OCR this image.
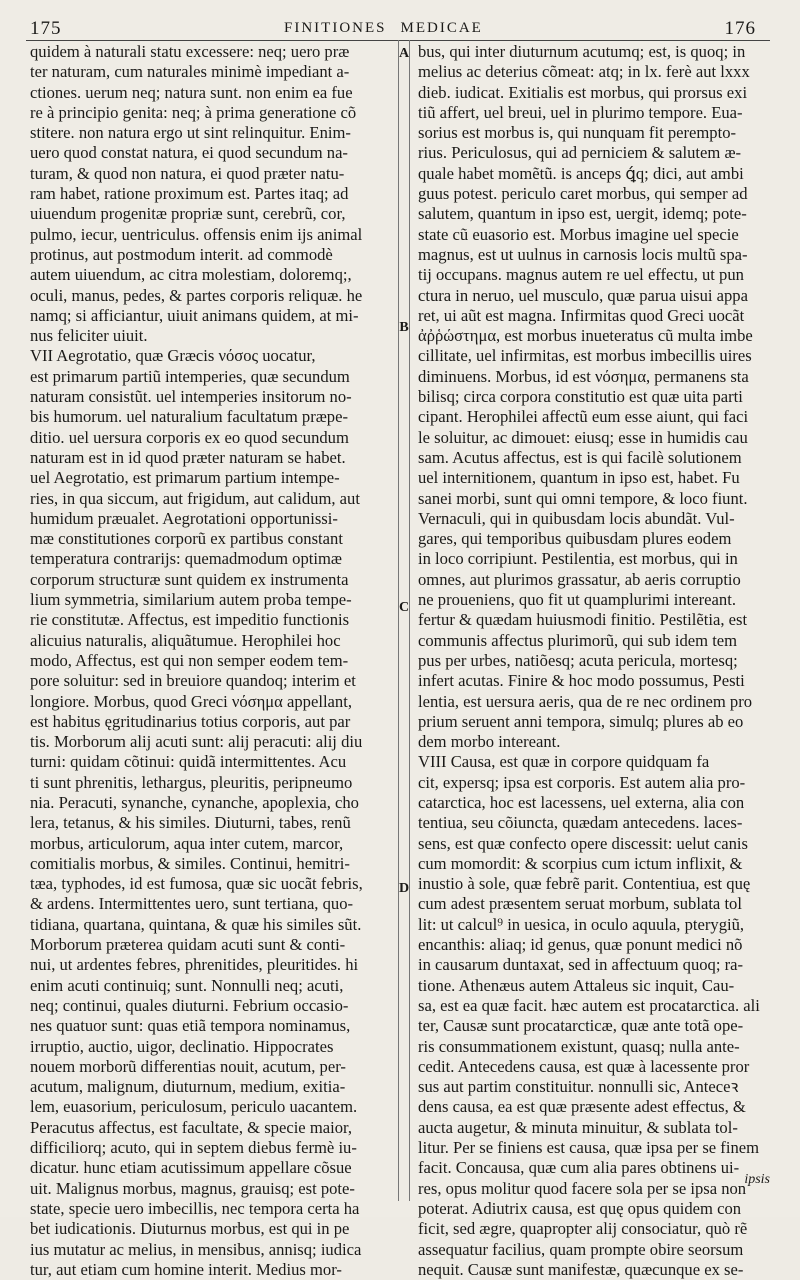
175	FINITIONES MEDICAE	176
A
B
C
D
quidem à naturali statu excessere: neq; uero præ
ter naturam, cum naturales minimè impediant a-
ctiones. uerum neq; natura sunt. non enim ea fue
re à principio genita: neq; à prima generatione cõ
stitere. non natura ergo ut sint relinquitur. Enim-
uero quod constat natura, ei quod secundum na-
turam, & quod non natura, ei quod præter natu-
ram habet, ratione proximum est. Partes itaq; ad
uiuendum progenitæ propriæ sunt, cerebrũ, cor,
pulmo, iecur, uentriculus. offensis enim ijs animal
protinus, aut postmodum interit. ad commodè
autem uiuendum, ac citra molestiam, doloremq;,
oculi, manus, pedes, & partes corporis reliquæ. he
namq; si afficiantur, uiuit animans quidem, at mi-
nus feliciter uiuit.
VII Aegrotatio, quæ Græcis νόσος uocatur,
est primarum partiũ intemperies, quæ secundum
naturam consistũt. uel intemperies insitorum no-
bis humorum. uel naturalium facultatum præpe-
ditio. uel uersura corporis ex eo quod secundum
naturam est in id quod præter naturam se habet.
uel Aegrotatio, est primarum partium intempe-
ries, in qua siccum, aut frigidum, aut calidum, aut
humidum præualet. Aegrotationi opportunissi-
mæ constitutiones corporũ ex partibus constant
temperatura contrarijs: quemadmodum optimæ
corporum structuræ sunt quidem ex instrumenta
lium symmetria, similarium autem proba tempe-
rie constitutæ. Affectus, est impeditio functionis
alicuius naturalis, aliquãtumue. Herophilei hoc
modo, Affectus, est qui non semper eodem tem-
pore soluitur: sed in breuiore quandoq; interim et
longiore. Morbus, quod Greci νόσημα appellant,
est habitus ęgritudinarius totius corporis, aut par
tis. Morborum alij acuti sunt: alij peracuti: alij diu
turni: quidam cõtinui: quidã intermittentes. Acu
ti sunt phrenitis, lethargus, pleuritis, peripneumo
nia. Peracuti, synanche, cynanche, apoplexia, cho
lera, tetanus, & his similes. Diuturni, tabes, renũ
morbus, articulorum, aqua inter cutem, marcor,
comitialis morbus, & similes. Continui, hemitri-
tæa, typhodes, id est fumosa, quæ sic uocãt febris,
& ardens. Intermittentes uero, sunt tertiana, quo-
tidiana, quartana, quintana, & quæ his similes sũt.
Morborum præterea quidam acuti sunt & conti-
nui, ut ardentes febres, phrenitides, pleuritides. hi
enim acuti continuiq; sunt. Nonnulli neq; acuti,
neq; continui, quales diuturni. Febrium occasio-
nes quatuor sunt: quas etiã tempora nominamus,
irruptio, auctio, uigor, declinatio. Hippocrates
nouem morborũ differentias nouit, acutum, per-
acutum, malignum, diuturnum, medium, exitia-
lem, euasorium, periculosum, periculo uacantem.
Peracutus affectus, est facultate, & specie maior,
difficiliorq; acuto, qui in septem diebus fermè iu-
dicatur. hunc etiam acutissimum appellare cõsue
uit. Malignus morbus, magnus, grauisq; est pote-
state, specie uero imbecillis, nec tempora certa ha
bet iudicationis. Diuturnus morbus, est qui in pe
ius mutatur ac melius, in mensibus, annisq; iudica
tur, aut etiam cum homine interit. Medius mor-
bus, qui inter diuturnum acutumq; est, is quoq; in
melius ac deterius cõmeat: atq; in lx. ferè aut lxxx
dieb. iudicat. Exitialis est morbus, qui prorsus exi
tiũ affert, uel breui, uel in plurimo tempore. Eua-
sorius est morbus is, qui nunquam fit perempto-
rius. Periculosus, qui ad perniciem & salutem æ-
quale habet momẽtũ. is anceps ꝗ́q; dici, aut ambi
guus potest. periculo caret morbus, qui semper ad
salutem, quantum in ipso est, uergit, idemq; pote-
state cũ euasorio est. Morbus imagine uel specie
magnus, est ut uulnus in carnosis locis multũ spa-
tij occupans. magnus autem re uel effectu, ut pun
ctura in neruo, uel musculo, quæ parua uisui appa
ret, ui aũt est magna. Infirmitas quod Greci uocãt
ἀῤῥώστημα, est morbus inueteratus cũ multa imbe
cillitate, uel infirmitas, est morbus imbecillis uires
diminuens. Morbus, id est νόσημα, permanens sta
bilisq; circa corpora constitutio est quæ uita parti
cipant. Herophilei affectũ eum esse aiunt, qui faci
le soluitur, ac dimouet: eiusq; esse in humidis cau
sam. Acutus affectus, est is qui facilè solutionem
uel internitionem, quantum in ipso est, habet. Fu
sanei morbi, sunt qui omni tempore, & loco fiunt.
Vernaculi, qui in quibusdam locis abundãt. Vul-
gares, qui temporibus quibusdam plures eodem
in loco corripiunt. Pestilentia, est morbus, qui in
omnes, aut plurimos grassatur, ab aeris corruptio
ne proueniens, quo fit ut quamplurimi intereant.
fertur & quædam huiusmodi finitio. Pestilẽtia, est
communis affectus plurimorũ, qui sub idem tem
pus per urbes, natiõesq; acuta pericula, mortesq;
infert acutas. Finire & hoc modo possumus, Pesti
lentia, est uersura aeris, qua de re nec ordinem pro
prium seruent anni tempora, simulq; plures ab eo
dem morbo intereant.
VIII Causa, est quæ in corpore quidquam fa
cit, expersq; ipsa est corporis. Est autem alia pro-
catarctica, hoc est lacessens, uel externa, alia con
tentiua, seu cõiuncta, quædam antecedens. laces-
sens, est quæ confecto opere discessit: uelut canis
cum momordit: & scorpius cum ictum inflixit, &
inustio à sole, quæ febrẽ parit. Contentiua, est quę
cum adest præsentem seruat morbum, sublata tol
lit: ut calcul⁹ in uesica, in oculo aquula, pterygiũ,
encanthis: aliaq; id genus, quæ ponunt medici nõ
in causarum duntaxat, sed in affectuum quoq; ra-
tione. Athenæus autem Attaleus sic inquit, Cau-
sa, est ea quæ facit. hæc autem est procatarctica. ali
ter, Causæ sunt procatarcticæ, quæ ante totã ope-
ris consummationem existunt, quasq; nulla ante-
cedit. Antecedens causa, est quæ à lacessente pror
sus aut partim constituitur. nonnulli sic, Anteceꝛ
dens causa, ea est quæ præsente adest effectus, &
aucta augetur, & minuta minuitur, & sublata tol-
litur. Per se finiens est causa, quæ ipsa per se finem
facit. Concausa, quæ cum alia pares obtinens ui-
res, opus molitur quod facere sola per se ipsa non
poterat. Adiutrix causa, est quę opus quidem con
ficit, sed ægre, quapropter alij consociatur, quò rẽ
assequatur facilius, quam prompte obire seorsum
nequit. Causæ sunt manifestæ, quæcunque ex se-
ipsis
